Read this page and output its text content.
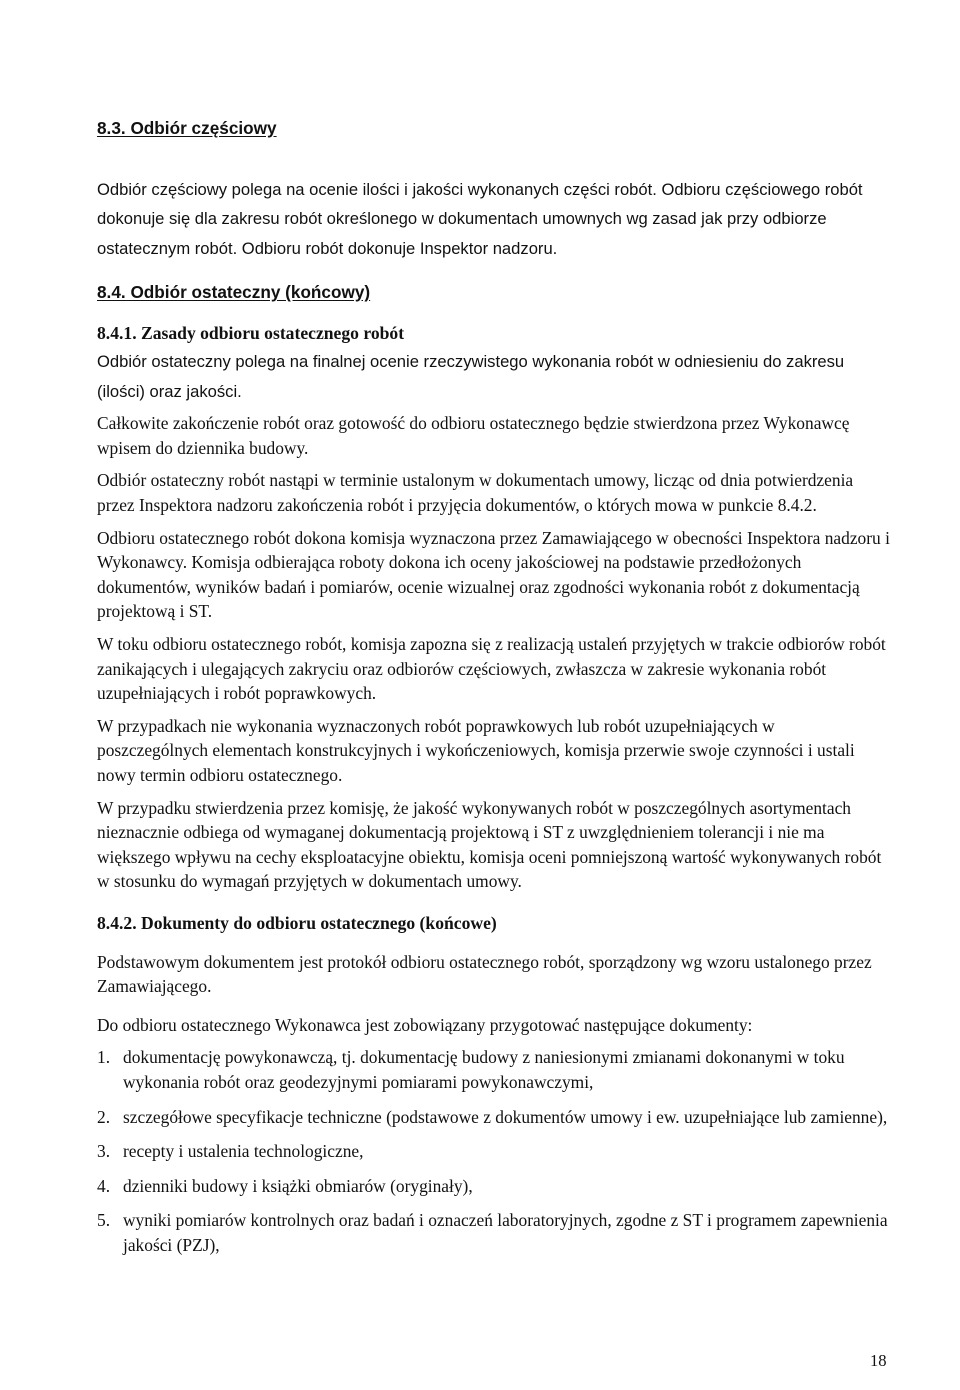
8.3. Odbiór częściowy

Odbiór częściowy polega na ocenie ilości i jakości wykonanych części robót. Odbioru częściowego robót dokonuje się dla zakresu robót określonego w dokumentach umownych wg zasad jak przy odbiorze ostatecznym robót. Odbioru robót dokonuje Inspektor nadzoru.

8.4. Odbiór ostateczny (końcowy)

8.4.1. Zasady odbioru ostatecznego robót

Odbiór ostateczny polega na finalnej ocenie rzeczywistego wykonania robót w odniesieniu do zakresu (ilości) oraz jakości.

Całkowite zakończenie robót oraz gotowość do odbioru ostatecznego będzie stwierdzona przez Wykonawcę wpisem do dziennika budowy.

Odbiór ostateczny robót nastąpi w terminie ustalonym w dokumentach umowy, licząc od dnia potwierdzenia przez Inspektora nadzoru zakończenia robót i przyjęcia dokumentów, o których mowa w punkcie 8.4.2.

Odbioru ostatecznego robót dokona komisja wyznaczona przez Zamawiającego w obecności Inspektora nadzoru i Wykonawcy. Komisja odbierająca roboty dokona ich oceny jakościowej na podstawie przedłożonych dokumentów, wyników badań i pomiarów, ocenie wizualnej oraz zgodności wykonania robót z dokumentacją projektową i ST.

W toku odbioru ostatecznego robót, komisja zapozna się z realizacją ustaleń przyjętych w trakcie odbiorów robót zanikających i ulegających zakryciu oraz odbiorów częściowych, zwłaszcza w zakresie wykonania robót uzupełniających i robót poprawkowych.

W przypadkach nie wykonania wyznaczonych robót poprawkowych lub robót uzupełniających w poszczególnych elementach konstrukcyjnych i wykończeniowych, komisja przerwie swoje czynności i ustali nowy termin odbioru ostatecznego.

W przypadku stwierdzenia przez komisję, że jakość wykonywanych robót w poszczególnych asortymentach nieznacznie odbiega od wymaganej dokumentacją projektową i ST z uwzględnieniem tolerancji i nie ma większego wpływu na cechy eksploatacyjne obiektu, komisja oceni pomniejszoną wartość wykonywanych robót w stosunku do wymagań przyjętych w dokumentach umowy.

8.4.2. Dokumenty do odbioru ostatecznego (końcowe)

Podstawowym dokumentem jest protokół odbioru ostatecznego robót, sporządzony wg wzoru ustalonego przez Zamawiającego.

Do odbioru ostatecznego Wykonawca jest zobowiązany przygotować następujące dokumenty:

1. dokumentację powykonawczą, tj. dokumentację budowy z naniesionymi zmianami dokonanymi w toku wykonania robót oraz geodezyjnymi pomiarami powykonawczymi,
2. szczegółowe specyfikacje techniczne (podstawowe z dokumentów umowy i ew. uzupełniające lub zamienne),
3. recepty i ustalenia technologiczne,
4. dzienniki budowy i książki obmiarów (oryginały),
5. wyniki pomiarów kontrolnych oraz badań i oznaczeń laboratoryjnych, zgodne z ST i programem zapewnienia jakości (PZJ),
18
